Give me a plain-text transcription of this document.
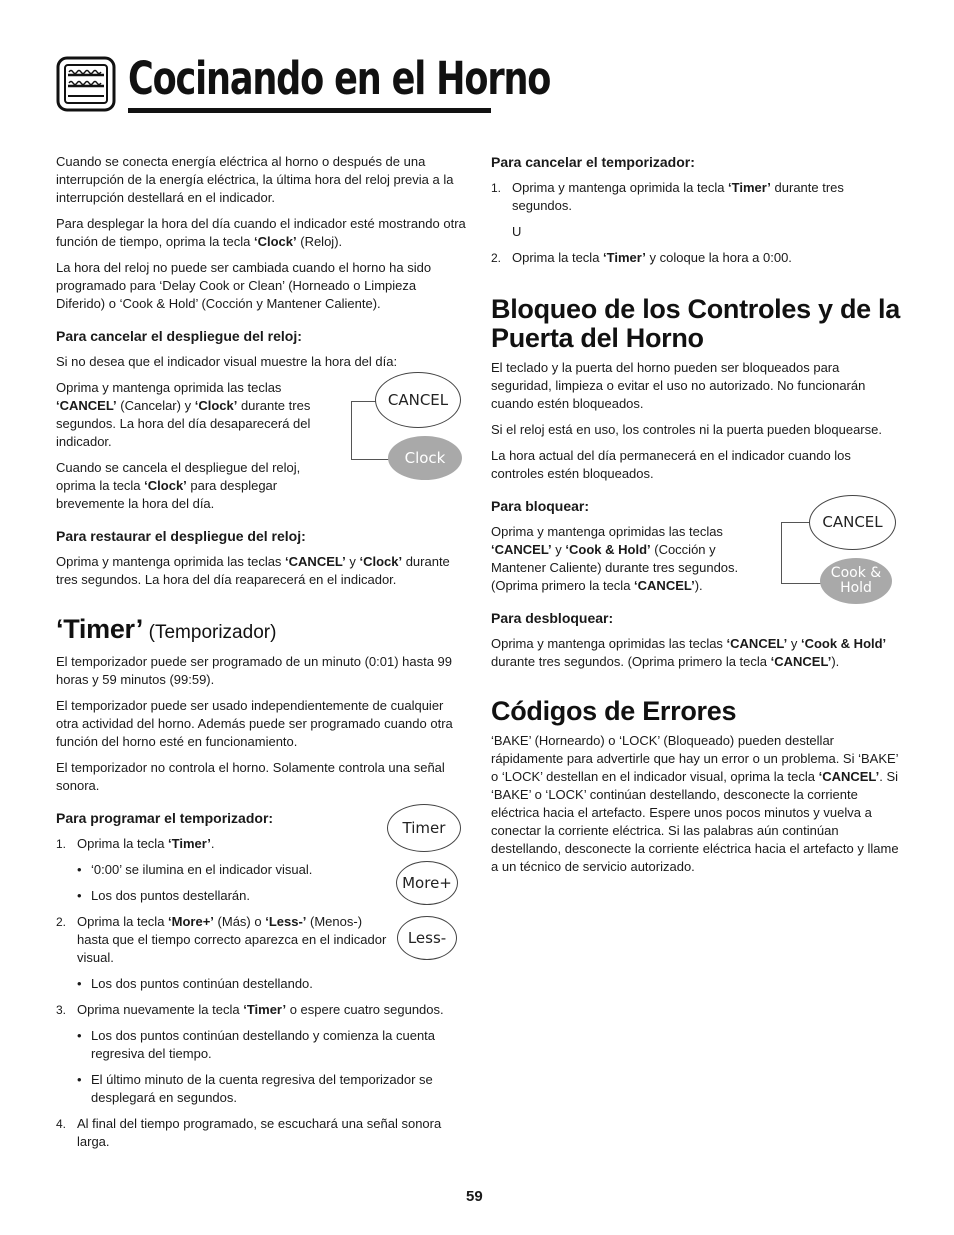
Cocinando en el Horno

Cuando se conecta energía eléctrica al horno o después de una interrupción de la energía eléctrica, la última hora del reloj previa a la interrupción destellará en el indicador.

Para desplegar la hora del día cuando el indicador esté mostrando otra función de tiempo, oprima la tecla ‘Clock’ (Reloj).

La hora del reloj no puede ser cambiada cuando el horno ha sido programado para ‘Delay Cook or Clean’ (Horneado o Limpieza Diferido) o ‘Cook & Hold’ (Cocción y Mantener Caliente).

Para cancelar el despliegue del reloj:

Si no desea que el indicador visual muestre la hora del día:

Oprima y mantenga oprimida las teclas ‘CANCEL’ (Cancelar) y ‘Clock’ durante tres segundos. La hora del día desaparecerá del indicador.

Cuando se cancela el despliegue del reloj, oprima la tecla ‘Clock’ para desplegar brevemente la hora del día.

Para restaurar el despliegue del reloj:

Oprima y mantenga oprimida las teclas ‘CANCEL’ y ‘Clock’ durante tres segundos. La hora del día reaparecerá en el indicador.

‘Timer’ (Temporizador)

El temporizador puede ser programado de un minuto (0:01) hasta 99 horas y 59 minutos (99:59).

El temporizador puede ser usado independientemente de cualquier otra actividad del horno. Además puede ser programado cuando otra función del horno esté en funcionamiento.

El temporizador no controla el horno. Solamente controla una señal sonora.

Para programar el temporizador:
1. Oprima la tecla ‘Timer’.
• ‘0:00’ se ilumina en el indicador visual.
• Los dos puntos destellarán.
2. Oprima la tecla ‘More+’ (Más) o ‘Less-’ (Menos-) hasta que el tiempo correcto aparezca en el indicador visual.
• Los dos puntos continúan destellando.
3. Oprima nuevamente la tecla ‘Timer’ o espere cuatro segundos.
• Los dos puntos continúan destellando y comienza la cuenta regresiva del tiempo.
• El último minuto de la cuenta regresiva del temporizador se desplegará en segundos.
4. Al final del tiempo programado, se escuchará una señal sonora larga.
CANCEL
Clock
Timer
More+
Less-
Para cancelar el temporizador:
1. Oprima y mantenga oprimida la tecla ‘Timer’ durante tres segundos.
U
2. Oprima la tecla ‘Timer’ y coloque la hora a 0:00.
Bloqueo de los Controles y de la Puerta del Horno

El teclado y la puerta del horno pueden ser bloqueados para seguridad, limpieza o evitar el uso no autorizado. No funcionarán cuando estén bloqueados.

Si el reloj está en uso, los controles ni la puerta pueden bloquearse.

La hora actual del día permanecerá en el indicador cuando los controles estén bloqueados.

Para bloquear:

Oprima y mantenga oprimidas las teclas ‘CANCEL’ y ‘Cook & Hold’ (Cocción y Mantener Caliente) durante tres segundos. (Oprima primero la tecla ‘CANCEL’).

Para desbloquear:

Oprima y mantenga oprimidas las teclas ‘CANCEL’ y ‘Cook & Hold’ durante tres segundos. (Oprima primero la tecla ‘CANCEL’).

Códigos de Errores

‘BAKE’ (Horneardo) o ‘LOCK’ (Bloqueado) pueden destellar rápidamente para advertirle que hay un error o un problema. Si ‘BAKE’ o ‘LOCK’ destellan en el indicador visual, oprima la tecla ‘CANCEL’. Si ‘BAKE’ o ‘LOCK’ continúan destellando, desconecte la corriente eléctrica hacia el artefacto. Espere unos pocos minutos y vuelva a conectar la corriente eléctrica. Si las palabras aún continúan destellando, desconecte la corriente eléctrica hacia el artefacto y llame a un técnico de servicio autorizado.

CANCEL
Cook &
Hold
59
